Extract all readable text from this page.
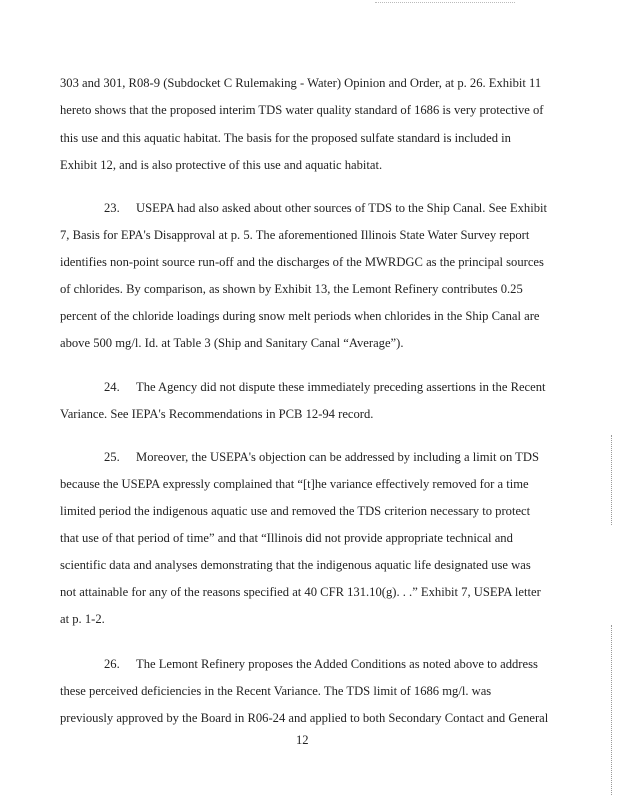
303 and 301, R08-9 (Subdocket C Rulemaking - Water) Opinion and Order, at p. 26. Exhibit 11
hereto shows that the proposed interim TDS water quality standard of 1686 is very protective of
this use and this aquatic habitat. The basis for the proposed sulfate standard is included in
Exhibit 12, and is also protective of this use and aquatic habitat.
23. USEPA had also asked about other sources of TDS to the Ship Canal. See Exhibit
7, Basis for EPA's Disapproval at p. 5. The aforementioned Illinois State Water Survey report
identifies non-point source run-off and the discharges of the MWRDGC as the principal sources
of chlorides. By comparison, as shown by Exhibit 13, the Lemont Refinery contributes 0.25
percent of the chloride loadings during snow melt periods when chlorides in the Ship Canal are
above 500 mg/l. Id. at Table 3 (Ship and Sanitary Canal “Average”).
24. The Agency did not dispute these immediately preceding assertions in the Recent
Variance. See IEPA's Recommendations in PCB 12-94 record.
25. Moreover, the USEPA's objection can be addressed by including a limit on TDS
because the USEPA expressly complained that “[t]he variance effectively removed for a time
limited period the indigenous aquatic use and removed the TDS criterion necessary to protect
that use of that period of time” and that “Illinois did not provide appropriate technical and
scientific data and analyses demonstrating that the indigenous aquatic life designated use was
not attainable for any of the reasons specified at 40 CFR 131.10(g). . .” Exhibit 7, USEPA letter
at p. 1-2.
26. The Lemont Refinery proposes the Added Conditions as noted above to address
these perceived deficiencies in the Recent Variance. The TDS limit of 1686 mg/l. was
previously approved by the Board in R06-24 and applied to both Secondary Contact and General
12
